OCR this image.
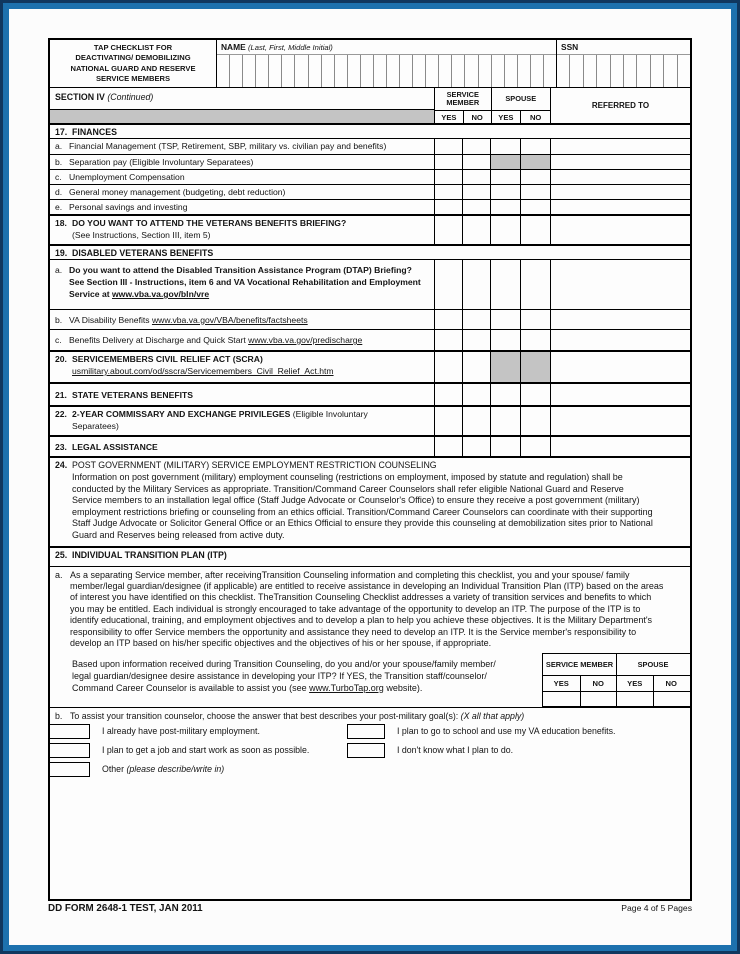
TAP CHECKLIST FOR
DEACTIVATING/ DEMOBILIZING
NATIONAL GUARD AND RESERVE
SERVICE MEMBERS
NAME (Last, First, Middle Initial)	SSN
SECTION IV (Continued)	SERVICE MEMBER	SPOUSE
YES	NO	YES	NO
REFERRED TO
17. FINANCES
a. Financial Management (TSP, Retirement, SBP, military vs. civilian pay and benefits)
b. Separation pay (Eligible Involuntary Separatees)
c. Unemployment Compensation
d. General money management (budgeting, debt reduction)
e. Personal savings and investing
18. DO YOU WANT TO ATTEND THE VETERANS BENEFITS BRIEFING?
(See Instructions, Section III, item 5)
19. DISABLED VETERANS BENEFITS
a. Do you want to attend the Disabled Transition Assistance Program (DTAP) Briefing? See Section III - Instructions, item 6 and VA Vocational Rehabilitation and Employment Service at www.vba.va.gov/bln/vre
b. VA Disability Benefits www.vba.va.gov/VBA/benefits/factsheets
c. Benefits Delivery at Discharge and Quick Start www.vba.va.gov/predischarge
20. SERVICEMEMBERS CIVIL RELIEF ACT (SCRA)
usmilitary.about.com/od/sscra/Servicemembers_Civil_Relief_Act.htm
21. STATE VETERANS BENEFITS
22. 2-YEAR COMMISSARY AND EXCHANGE PRIVILEGES (Eligible Involuntary Separatees)
23. LEGAL ASSISTANCE
24. POST GOVERNMENT (MILITARY) SERVICE EMPLOYMENT RESTRICTION COUNSELING
Information on post government (military) employment counseling (restrictions on employment, imposed by statute and regulation) shall be conducted by the Military Services as appropriate. Transition/Command Career Counselors shall refer eligible National Guard and Reserve Service members to an installation legal office (Staff Judge Advocate or Counselor's Office) to ensure they receive a post government (military) employment restrictions briefing or counseling from an ethics official. Transition/Command Career Counselors can coordinate with their supporting Staff Judge Advocate or Solicitor General Office or an Ethics Official to ensure they provide this counseling at demobilization sites prior to National Guard and Reserves being released from active duty.
25. INDIVIDUAL TRANSITION PLAN (ITP)
a. As a separating Service member, after receivingTransition Counseling information and completing this checklist, you and your spouse/ family member/legal guardian/designee (if applicable) are entitled to receive assistance in developing an Individual Transition Plan (ITP) based on the areas of interest you have identified on this checklist. TheTransition Counseling Checklist addresses a variety of transition services and benefits to which you may be entitled. Each individual is strongly encouraged to take advantage of the opportunity to develop an ITP. The purpose of the ITP is to identify educational, training, and employment objectives and to develop a plan to help you achieve these objectives. It is the Military Department's responsibility to offer Service members the opportunity and assistance they need to develop an ITP. It is the Service member's responsibility to develop an ITP based on his/her specific objectives and the objectives of his or her spouse, if appropriate.
Based upon information received during Transition Counseling, do you and/or your spouse/family member/ legal guardian/designee desire assistance in developing your ITP? If YES, the Transition staff/counselor/ Command Career Counselor is available to assist you (see www.TurboTap.org website).
SERVICE MEMBER	SPOUSE
YES	NO	YES	NO
b. To assist your transition counselor, choose the answer that best describes your post-military goal(s): (X all that apply)
I already have post-military employment.
I plan to get a job and start work as soon as possible.
Other (please describe/write in)
I plan to go to school and use my VA education benefits.
I don't know what I plan to do.
DD FORM 2648-1 TEST, JAN 2011	Page 4 of 5 Pages
